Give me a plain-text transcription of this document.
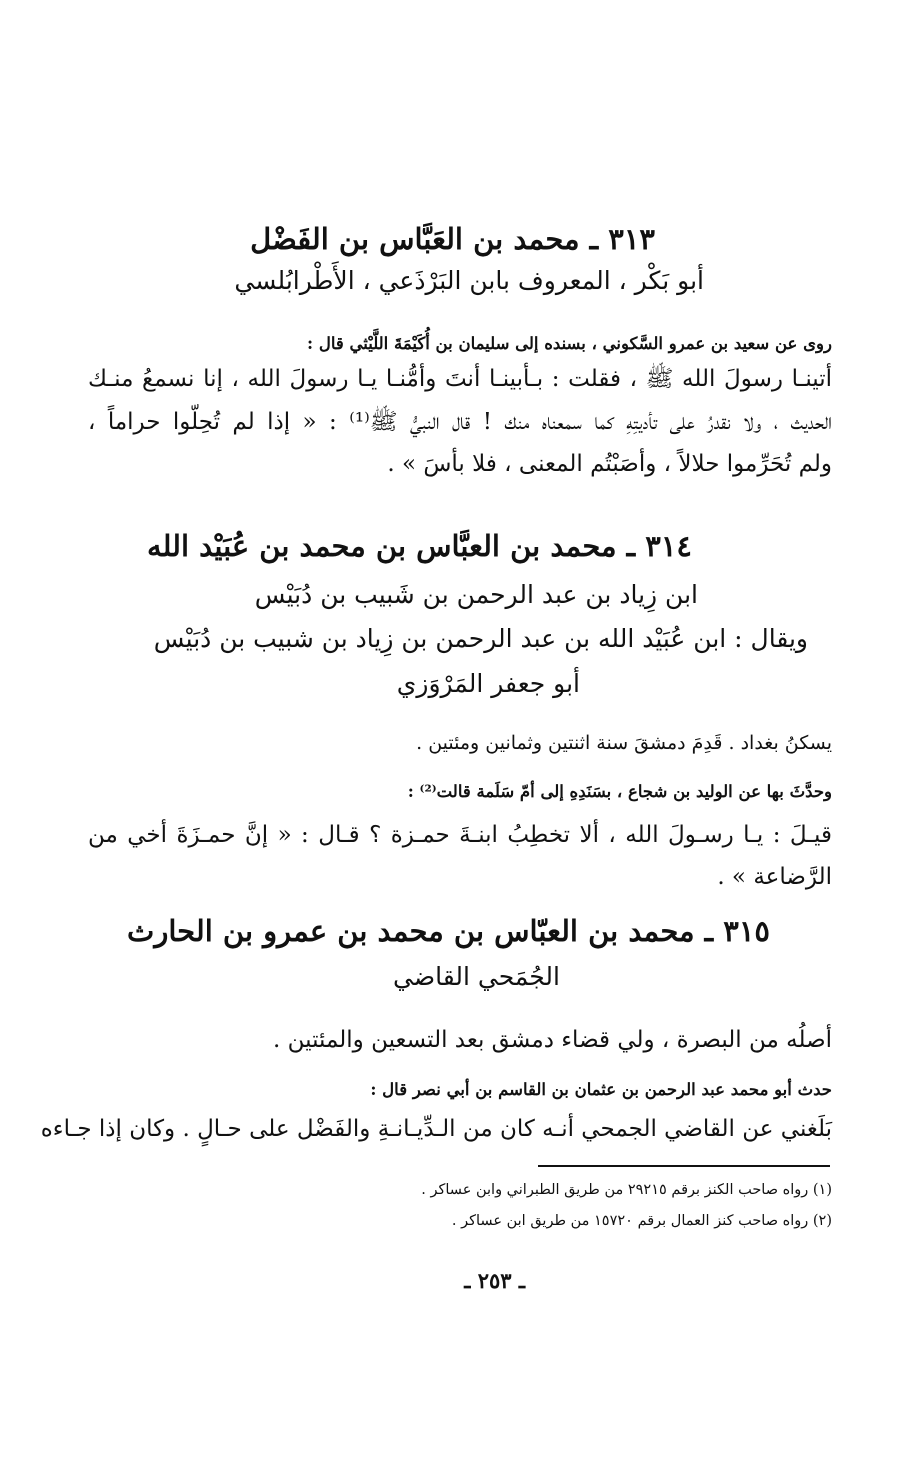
٣١٣ ـ محمد بن العَبَّاس بن الفَضْل
أبو بَكْر ، المعروف بابن البَرْذَعي ، الأَطْرابُلسي
روى عن سعيد بن عمرو السَّكوني ، بسنده إلى سليمان بن أُكَيْمَةَ اللَّيْثي قال :
أتينـا رسولَ الله ﷺ ، فقلت : بـأبينـا أنتَ وأمُّنـا يـا رسولَ الله ، إنا نسمعُ منـك
الحديث ، ولا نقدرُ على تأديتِهِ كما سمعناه منك ! قال النبيُّ ﷺ⁽¹⁾ : « إذا لم تُحِلّوا حراماً ،
ولم تُحَرِّموا حلالاً ، وأصَبْتُم المعنى ، فلا بأسَ » .
٣١٤ ـ محمد بن العبَّاس بن محمد بن عُبَيْد الله
ابن زِياد بن عبد الرحمن بن شَبيب بن دُبَيْس
ويقال : ابن عُبَيْد الله بن عبد الرحمن بن زِياد بن شبيب بن دُبَيْس
أبو جعفر المَرْوَزي
يسكنُ بغداد . قَدِمَ دمشقَ سنة اثنتين وثمانين ومئتين .
وحدَّثَ بها عن الوليد بن شجاع ، بسَنَدِهِ إلى أمّ سَلَمة قالت⁽²⁾ :
قيـلَ : يـا رسـولَ الله ، ألا تخطِبُ ابنـةَ حمـزة ؟ قـال : « إنَّ حمـزَةَ أخي من
الرَّضاعة » .
٣١٥ ـ محمد بن العبّاس بن محمد بن عمرو بن الحارث
الجُمَحي القاضي
أصلُه من البصرة ، ولي قضاء دمشق بعد التسعين والمئتين .
حدث أبو محمد عبد الرحمن بن عثمان بن القاسم بن أبي نصر قال :
بَلَغني عن القاضي الجمحي أنـه كان من الـدِّيـانـةِ والفَضْل على حـالٍ . وكان إذا جـاءه
(١) رواه صاحب الكنز برقم ٢٩٢١٥ من طريق الطبراني وابن عساكر .
(٢) رواه صاحب كنز العمال برقم ١٥٧٢٠ من طريق ابن عساكر .
ـ ٢٥٣ ـ
